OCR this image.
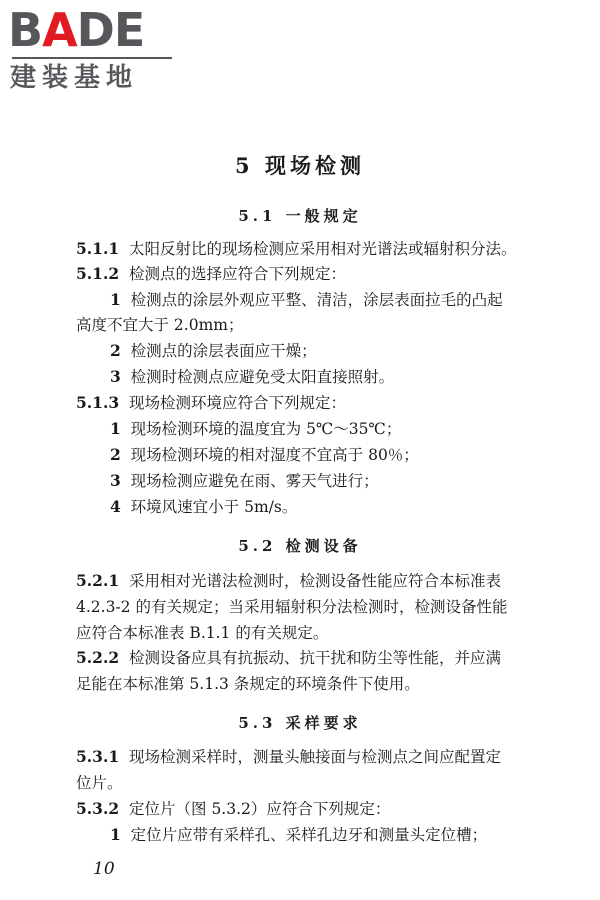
BADE
建装基地
5 现场检测
5.1 一般规定
5.2 检测设备
5.3 采样要求
5.1.1 太阳反射比的现场检测应采用相对光谱法或辐射积分法。
5.1.2 检测点的选择应符合下列规定：
1 检测点的涂层外观应平整、清洁，涂层表面拉毛的凸起
高度不宜大于 2.0mm；
2 检测点的涂层表面应干燥；
3 检测时检测点应避免受太阳直接照射。
5.1.3 现场检测环境应符合下列规定：
1 现场检测环境的温度宜为 5℃～35℃；
2 现场检测环境的相对湿度不宜高于 80％；
3 现场检测应避免在雨、雾天气进行；
4 环境风速宜小于 5m/s。
5.2.1 采用相对光谱法检测时，检测设备性能应符合本标准表
4.2.3-2 的有关规定；当采用辐射积分法检测时，检测设备性能
应符合本标准表 B.1.1 的有关规定。
5.2.2 检测设备应具有抗振动、抗干扰和防尘等性能，并应满
足能在本标准第 5.1.3 条规定的环境条件下使用。
5.3.1 现场检测采样时，测量头触接面与检测点之间应配置定
位片。
5.3.2 定位片（图 5.3.2）应符合下列规定：
1 定位片应带有采样孔、采样孔边牙和测量头定位槽；
10
